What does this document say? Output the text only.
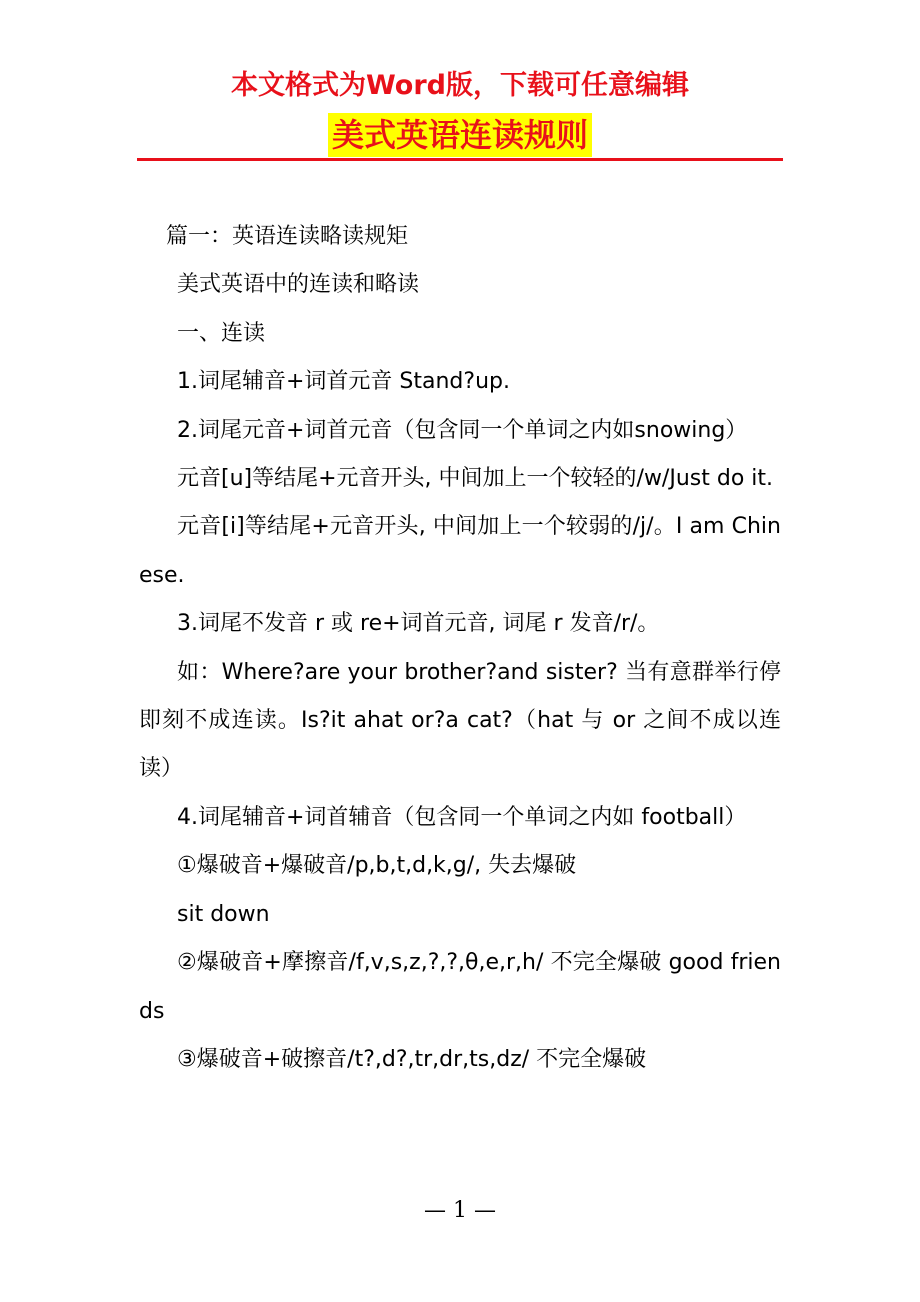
本文格式为Word版，下载可任意编辑
美式英语连读规则

篇一：英语连读略读规矩

美式英语中的连读和略读

一、连读

1.词尾辅音+词首元音 Stand?up.

2.词尾元音+词首元音（包含同一个单词之内如snowing）

元音[u]等结尾+元音开头, 中间加上一个较轻的/w/Just do it.

元音[i]等结尾+元音开头, 中间加上一个较弱的/j/。I am Chinese.

3.词尾不发音 r 或 re+词首元音, 词尾 r 发音/r/。

如：Where?are your brother?and sister? 当有意群举行停即刻不成连读。Is?it ahat or?a cat?（hat 与 or 之间不成以连读）

4.词尾辅音+词首辅音（包含同一个单词之内如 football）

①爆破音+爆破音/p,b,t,d,k,g/, 失去爆破

sit down

②爆破音+摩擦音/f,v,s,z,?,?,θ,e,r,h/ 不完全爆破 good friends

③爆破音+破擦音/t?,d?,tr,dr,ts,dz/ 不完全爆破

— 1 —
